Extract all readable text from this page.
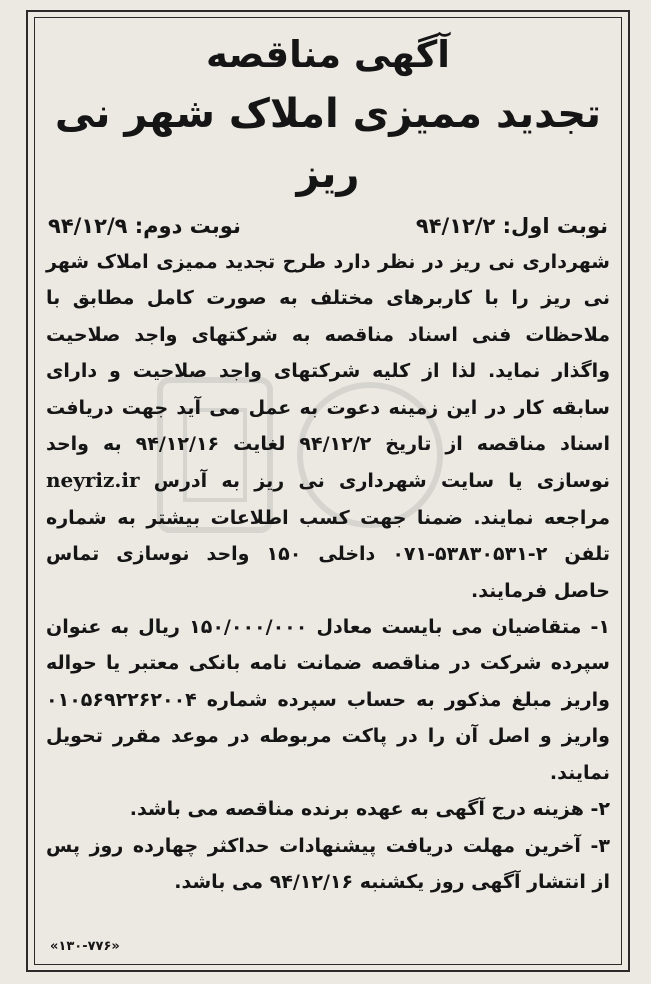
آگهی مناقصه
تجدید ممیزی املاک شهر نی ریز
نوبت اول: ۹۴/۱۲/۲
نوبت دوم: ۹۴/۱۲/۹

شهرداری نی ریز در نظر دارد طرح تجدید ممیزی املاک شهر نی ریز را با کاربرهای مختلف به صورت کامل مطابق با ملاحظات فنی اسناد مناقصه به شرکتهای واجد صلاحیت واگذار نماید. لذا از کلیه شرکتهای واجد صلاحیت و دارای سابقه کار در این زمینه دعوت به عمل می آید جهت دریافت اسناد مناقصه از تاریخ ۹۴/۱۲/۲ لغایت ۹۴/۱۲/۱۶ به واحد نوسازی یا سایت شهرداری نی ریز به آدرس neyriz.ir مراجعه نمایند. ضمنا جهت کسب اطلاعات بیشتر به شماره تلفن ۲-۵۳۸۳۰۵۳۱-۰۷۱ داخلی ۱۵۰ واحد نوسازی تماس حاصل فرمایند.

۱- متقاضیان می بایست معادل ۱۵۰/۰۰۰/۰۰۰ ریال به عنوان سپرده شرکت در مناقصه ضمانت نامه بانکی معتبر یا حواله واریز مبلغ مذکور به حساب سپرده شماره ۰۱۰۵۶۹۲۲۶۲۰۰۴ واریز و اصل آن را در پاکت مربوطه در موعد مقرر تحویل نمایند.

۲- هزینه درج آگهی به عهده برنده مناقصه می باشد.

۳- آخرین مهلت دریافت پیشنهادات حداکثر چهارده روز پس از انتشار آگهی روز یکشنبه ۹۴/۱۲/۱۶ می باشد.

«۱۳۰-۷۷۶»
